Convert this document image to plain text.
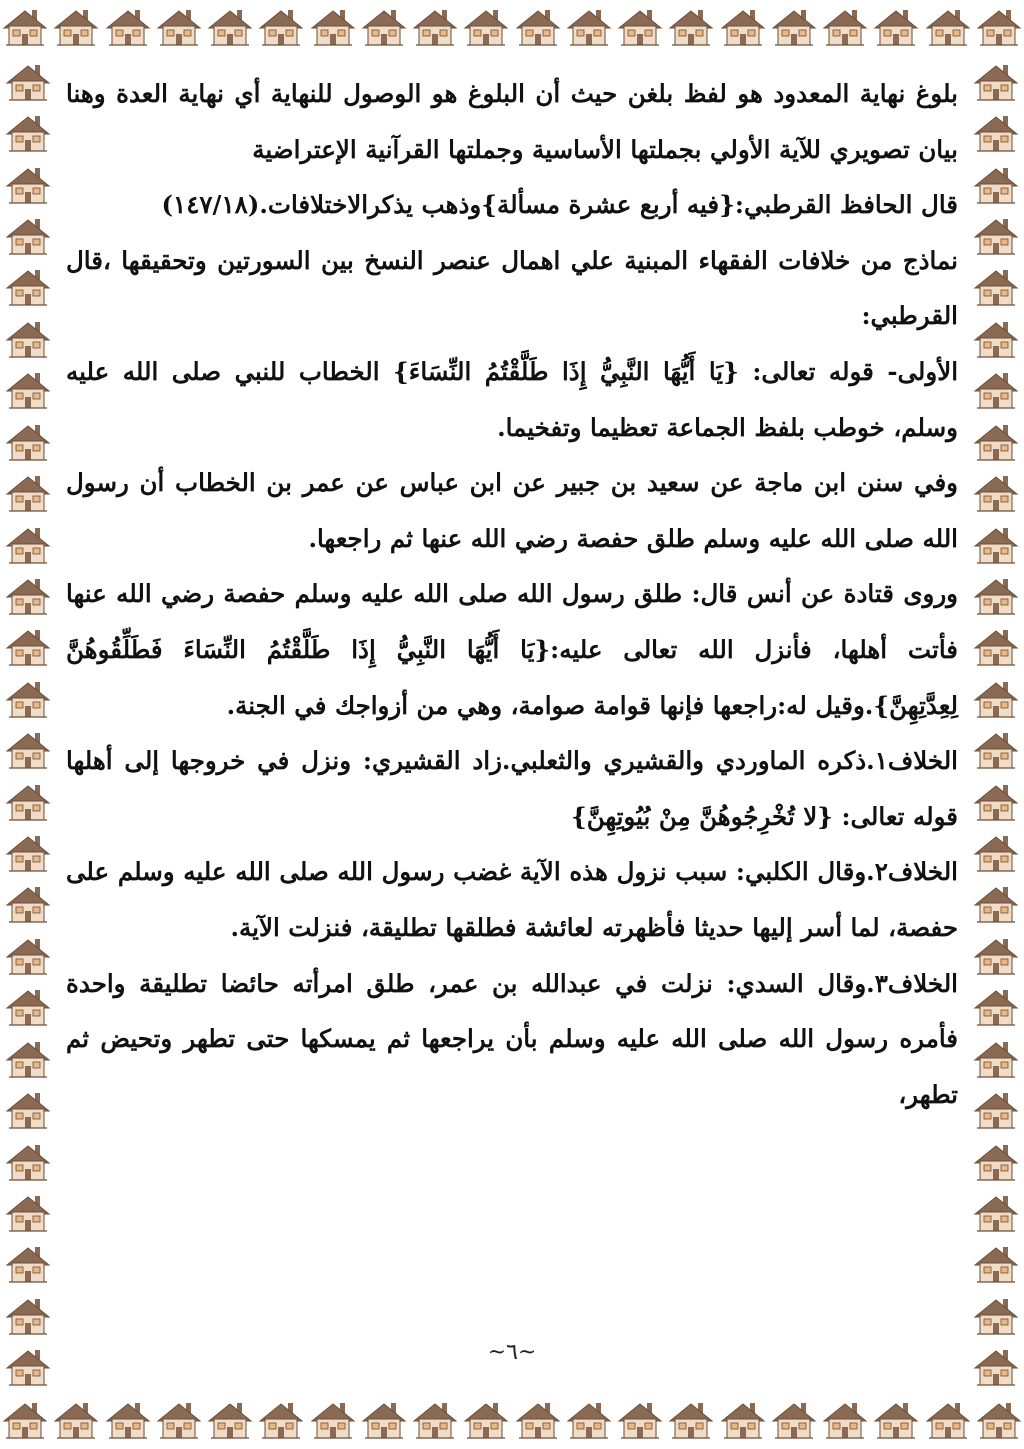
بلوغ نهاية المعدود هو لفظ بلغن حيث أن البلوغ هو الوصول للنهاية أي نهاية العدة وهنا بيان تصويري للآية الأولي بجملتها الأساسية وجملتها القرآنية الإعتراضية

قال الحافظ القرطبي:{فيه أربع عشرة مسألة}وذهب يذكرالاختلافات.(١٤٧/١٨)

نماذج من خلافات الفقهاء المبنية علي اهمال عنصر النسخ بين السورتين وتحقيقها ،قال القرطبي:

الأولى- قوله تعالى: {يَا أَيُّهَا النَّبِيُّ إِذَا طَلَّقْتُمُ النِّسَاءَ} الخطاب للنبي صلى الله عليه وسلم، خوطب بلفظ الجماعة تعظيما وتفخيما.

وفي سنن ابن ماجة عن سعيد بن جبير عن ابن عباس عن عمر بن الخطاب أن رسول الله صلى الله عليه وسلم طلق حفصة رضي الله عنها ثم راجعها.

وروى قتادة عن أنس قال: طلق رسول الله صلى الله عليه وسلم حفصة رضي الله عنها فأتت أهلها، فأنزل الله تعالى عليه:{يَا أَيُّهَا النَّبِيُّ إِذَا طَلَّقْتُمُ النِّسَاءَ فَطَلِّقُوهُنَّ لِعِدَّتِهِنَّ}.وقيل له:راجعها فإنها قوامة صوامة، وهي من أزواجك في الجنة.

الخلاف١.ذكره الماوردي والقشيري والثعلبي.زاد القشيري: ونزل في خروجها إلى أهلها قوله تعالى: {لا تُخْرِجُوهُنَّ مِنْ بُيُوتِهِنَّ}

الخلاف٢.وقال الكلبي: سبب نزول هذه الآية غضب رسول الله صلى الله عليه وسلم على حفصة، لما أسر إليها حديثا فأظهرته لعائشة فطلقها تطليقة، فنزلت الآية.

الخلاف٣.وقال السدي: نزلت في عبدالله بن عمر، طلق امرأته حائضا تطليقة واحدة فأمره رسول الله صلى الله عليه وسلم بأن يراجعها ثم يمسكها حتى تطهر وتحيض ثم تطهر،

~٦~
